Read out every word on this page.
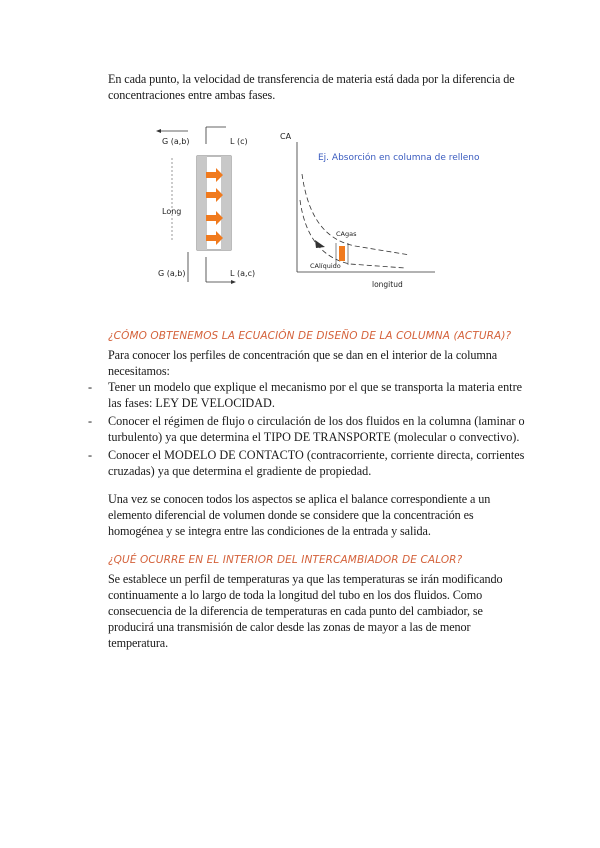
En cada punto, la velocidad de transferencia de materia está dada por la diferencia de concentraciones entre ambas fases.
G (a,b)	L (c)
Long
G (a,b)	L (a,c)
CA
Ej. Absorción en columna de relleno
CAgas
CAlíquido
longitud
¿CÓMO OBTENEMOS LA ECUACIÓN DE DISEÑO DE LA COLUMNA (ACTURA)?
Para conocer los perfiles de concentración que se dan en el interior de la columna necesitamos:
- Tener un modelo que explique el mecanismo por el que se transporta la materia entre las fases: LEY DE VELOCIDAD.
- Conocer el régimen de flujo o circulación de los dos fluidos en la columna (laminar o turbulento) ya que determina el TIPO DE TRANSPORTE (molecular o convectivo).
- Conocer el MODELO DE CONTACTO (contracorriente, corriente directa, corrientes cruzadas) ya que determina el gradiente de propiedad.
Una vez se conocen todos los aspectos se aplica el balance correspondiente a un elemento diferencial de volumen donde se considere que la concentración es homogénea y se integra entre las condiciones de la entrada y salida.
¿QUÉ OCURRE EN EL INTERIOR DEL INTERCAMBIADOR DE CALOR?
Se establece un perfil de temperaturas ya que las temperaturas se irán modificando continuamente a lo largo de toda la longitud del tubo en los dos fluidos. Como consecuencia de la diferencia de temperaturas en cada punto del cambiador, se producirá una transmisión de calor desde las zonas de mayor a las de menor temperatura.
